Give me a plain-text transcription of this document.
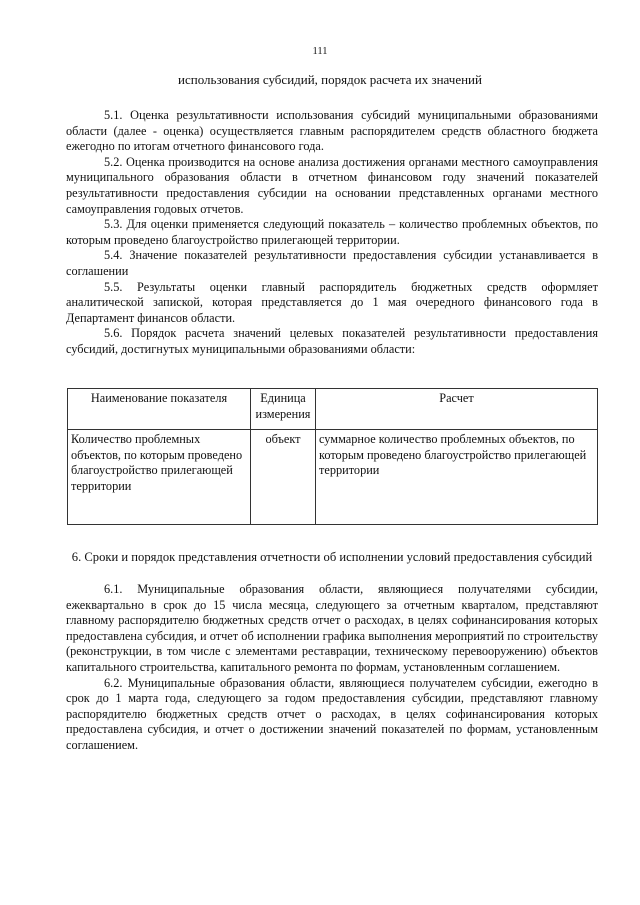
111
использования субсидий, порядок расчета их значений

5.1. Оценка результативности использования субсидий муниципальными образованиями области (далее - оценка) осуществляется главным распорядителем средств областного бюджета ежегодно по итогам отчетного финансового года.

5.2. Оценка производится на основе анализа достижения органами местного самоуправления муниципального образования области в отчетном финансовом году значений показателей результативности предоставления субсидии на основании представленных органами местного самоуправления годовых отчетов.

5.3. Для оценки применяется следующий показатель – количество проблемных объектов, по которым проведено благоустройство прилегающей территории.

5.4. Значение показателей результативности предоставления субсидии устанавливается в соглашении

5.5. Результаты оценки главный распорядитель бюджетных средств оформляет аналитической запиской, которая представляется до 1 мая очередного финансового года в Департамент финансов области.

5.6. Порядок расчета значений целевых показателей результативности предоставления субсидий, достигнутых муниципальными образованиями области:

Наименование показателя	Единица измерения	Расчет
Количество проблемных объектов, по которым проведено благоустройство прилегающей территории	объект	суммарное количество проблемных объектов, по которым проведено благоустройство прилегающей территории
6. Сроки и порядок представления отчетности об исполнении условий предоставления субсидий

6.1. Муниципальные образования области, являющиеся получателями субсидии, ежеквартально в срок до 15 числа месяца, следующего за отчетным кварталом, представляют главному распорядителю бюджетных средств отчет о расходах, в целях софинансирования которых предоставлена субсидия, и отчет об исполнении графика выполнения мероприятий по строительству (реконструкции, в том числе с элементами реставрации, техническому перевооружению) объектов капитального строительства, капитального ремонта по формам, установленным соглашением.

6.2. Муниципальные образования области, являющиеся получателем субсидии, ежегодно в срок до 1 марта года, следующего за годом предоставления субсидии, представляют главному распорядителю бюджетных средств отчет о расходах, в целях софинансирования которых предоставлена субсидия, и отчет о достижении значений показателей по формам, установленным соглашением.
